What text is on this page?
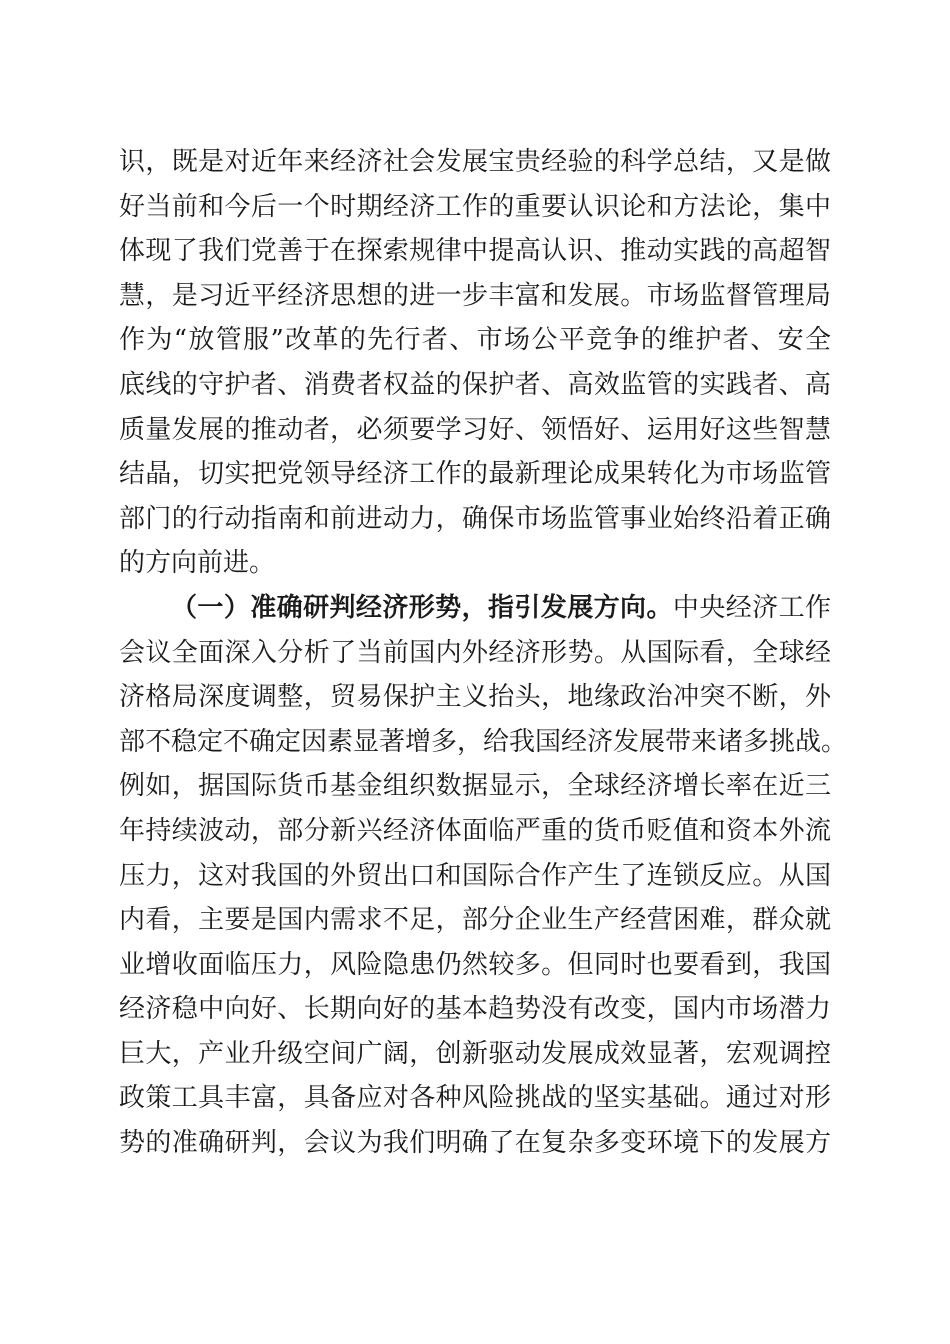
识，既是对近年来经济社会发展宝贵经验的科学总结，又是做
好当前和今后一个时期经济工作的重要认识论和方法论，集中
体现了我们党善于在探索规律中提高认识、推动实践的高超智
慧，是习近平经济思想的进一步丰富和发展。市场监督管理局
作为“放管服”改革的先行者、市场公平竞争的维护者、安全
底线的守护者、消费者权益的保护者、高效监管的实践者、高
质量发展的推动者，必须要学习好、领悟好、运用好这些智慧
结晶，切实把党领导经济工作的最新理论成果转化为市场监管
部门的行动指南和前进动力，确保市场监管事业始终沿着正确
的方向前进。
（一）准确研判经济形势，指引发展方向。中央经济工作
会议全面深入分析了当前国内外经济形势。从国际看，全球经
济格局深度调整，贸易保护主义抬头，地缘政治冲突不断，外
部不稳定不确定因素显著增多，给我国经济发展带来诸多挑战。
例如，据国际货币基金组织数据显示，全球经济增长率在近三
年持续波动，部分新兴经济体面临严重的货币贬值和资本外流
压力，这对我国的外贸出口和国际合作产生了连锁反应。从国
内看，主要是国内需求不足，部分企业生产经营困难，群众就
业增收面临压力，风险隐患仍然较多。但同时也要看到，我国
经济稳中向好、长期向好的基本趋势没有改变，国内市场潜力
巨大，产业升级空间广阔，创新驱动发展成效显著，宏观调控
政策工具丰富，具备应对各种风险挑战的坚实基础。通过对形
势的准确研判，会议为我们明确了在复杂多变环境下的发展方
